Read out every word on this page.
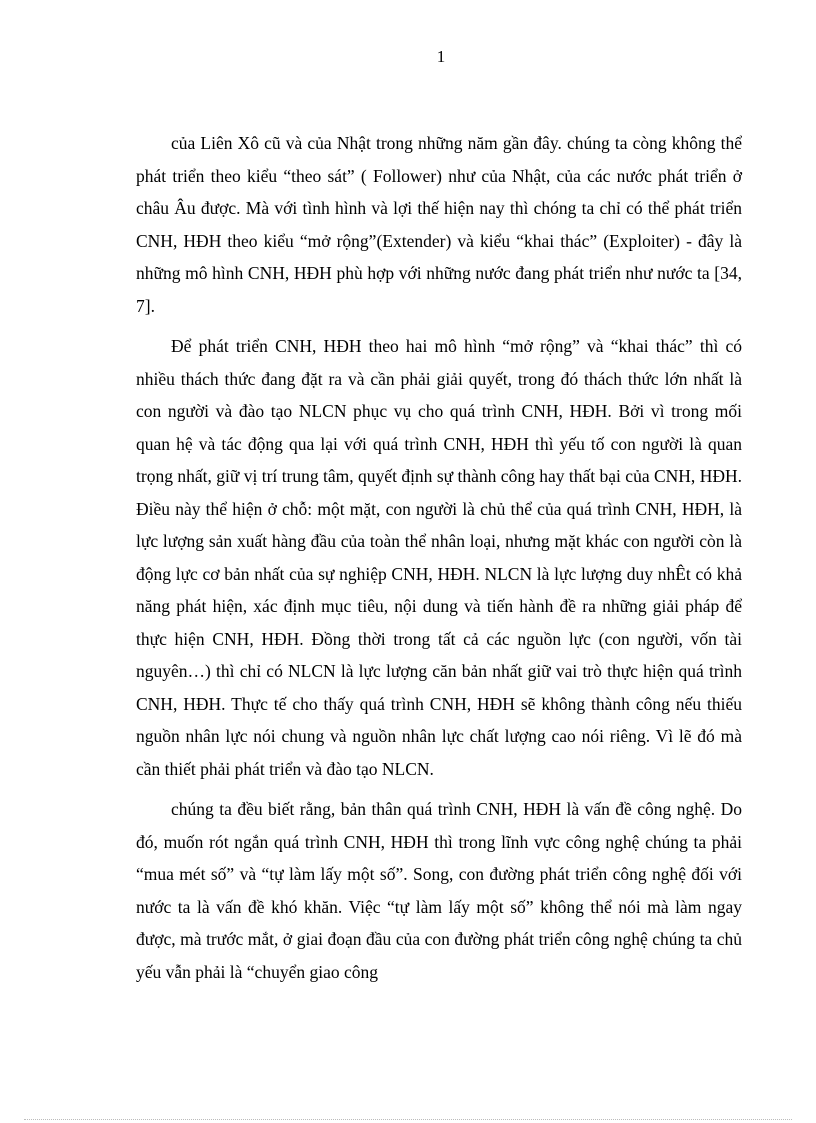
1

của Liên Xô cũ và của Nhật trong những năm gần đây. chúng ta còng không thể phát triển theo kiểu “theo sát” ( Follower) như của Nhật, của các nước phát triển ở châu Âu được. Mà với tình hình và lợi thế hiện nay thì chóng ta chỉ có thể phát triển CNH, HĐH theo kiểu “mở rộng”(Extender) và kiểu “khai thác” (Exploiter) - đây là những mô hình CNH, HĐH phù hợp với những nước đang phát triển như nước ta [34, 7].

Để phát triển CNH, HĐH theo hai mô hình “mở rộng” và “khai thác” thì có nhiều thách thức đang đặt ra và cần phải giải quyết, trong đó thách thức lớn nhất là con người và đào tạo NLCN phục vụ cho quá trình CNH, HĐH. Bởi vì trong mối quan hệ và tác động qua lại với quá trình CNH, HĐH thì yếu tố con người là quan trọng nhất, giữ vị trí trung tâm, quyết định sự thành công hay thất bại của CNH, HĐH. Điều này thể hiện ở chỗ: một mặt, con người là chủ thể của quá trình CNH, HĐH, là lực lượng sản xuất hàng đầu của toàn thể nhân loại, nhưng mặt khác con người còn là động lực cơ bản nhất của sự nghiệp CNH, HĐH. NLCN là lực lượng duy nhÊt có khả năng phát hiện, xác định mục tiêu, nội dung và tiến hành đề ra những giải pháp để thực hiện CNH, HĐH. Đồng thời trong tất cả các nguồn lực (con người, vốn tài nguyên…) thì chỉ có NLCN là lực lượng căn bản nhất giữ vai trò thực hiện quá trình CNH, HĐH. Thực tế cho thấy quá trình CNH, HĐH sẽ không thành công nếu thiếu nguồn nhân lực nói chung và nguồn nhân lực chất lượng cao nói riêng. Vì lẽ đó mà cần thiết phải phát triển và đào tạo NLCN.

chúng ta đều biết rằng, bản thân quá trình CNH, HĐH là vấn đề công nghệ. Do đó, muốn rót ngắn quá trình CNH, HĐH thì trong lĩnh vực công nghệ chúng ta phải “mua mét số” và “tự làm lấy một số”. Song, con đường phát triển công nghệ đối với nước ta là vấn đề khó khăn. Việc “tự làm lấy một số” không thể nói mà làm ngay được, mà trước mắt, ở giai đoạn đầu của con đường phát triển công nghệ chúng ta chủ yếu vẫn phải là “chuyển giao công
